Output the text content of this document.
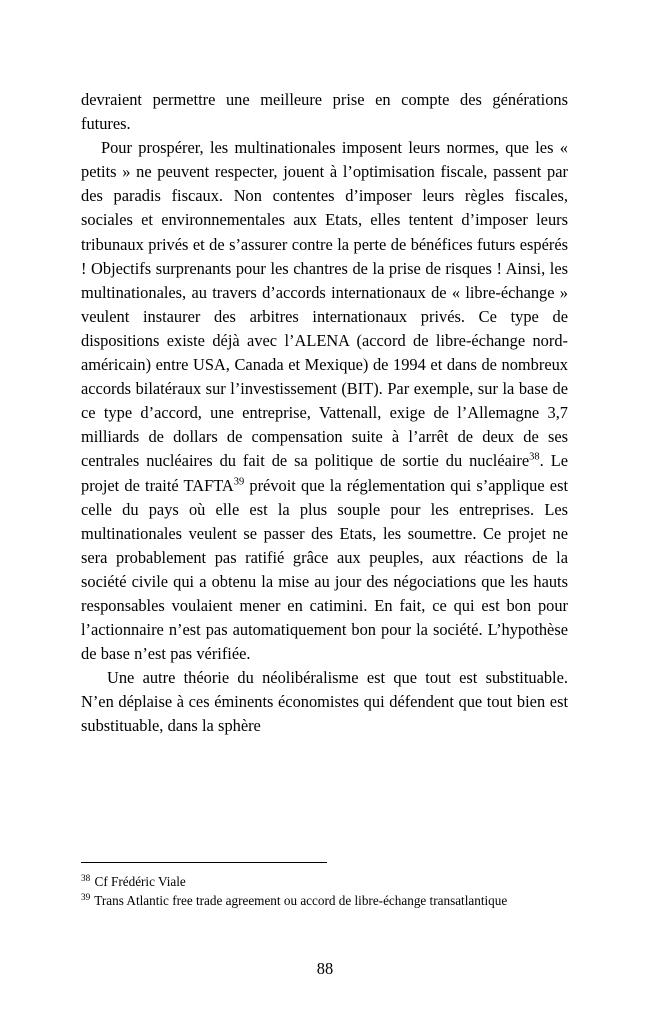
devraient permettre une meilleure prise en compte des générations futures.

Pour prospérer, les multinationales imposent leurs normes, que les « petits » ne peuvent respecter, jouent à l’optimisation fiscale, passent par des paradis fiscaux. Non contentes d’imposer leurs règles fiscales, sociales et environnementales aux Etats, elles tentent d’imposer leurs tribunaux privés et de s’assurer contre la perte de bénéfices futurs espérés ! Objectifs surprenants pour les chantres de la prise de risques ! Ainsi, les multinationales, au travers d’accords internationaux de « libre-échange » veulent instaurer des arbitres internationaux privés. Ce type de dispositions existe déjà avec l’ALENA (accord de libre-échange nord-américain) entre USA, Canada et Mexique) de 1994 et dans de nombreux accords bilatéraux sur l’investissement (BIT). Par exemple, sur la base de ce type d’accord, une entreprise, Vattenall, exige de l’Allemagne 3,7 milliards de dollars de compensation suite à l’arrêt de deux de ses centrales nucléaires du fait de sa politique de sortie du nucléaire$^{38}$. Le projet de traité TAFTA$^{39}$ prévoit que la réglementation qui s’applique est celle du pays où elle est la plus souple pour les entreprises. Les multinationales veulent se passer des Etats, les soumettre. Ce projet ne sera probablement pas ratifié grâce aux peuples, aux réactions de la société civile qui a obtenu la mise au jour des négociations que les hauts responsables voulaient mener en catimini. En fait, ce qui est bon pour l’actionnaire n’est pas automatiquement bon pour la société. L’hypothèse de base n’est pas vérifiée.

Une autre théorie du néolibéralisme est que tout est substituable. N’en déplaise à ces éminents économistes qui défendent que tout bien est substituable, dans la sphère

$^{38}$ Cf Frédéric Viale

$^{39}$ Trans Atlantic free trade agreement ou accord de libre-échange transatlantique

88
